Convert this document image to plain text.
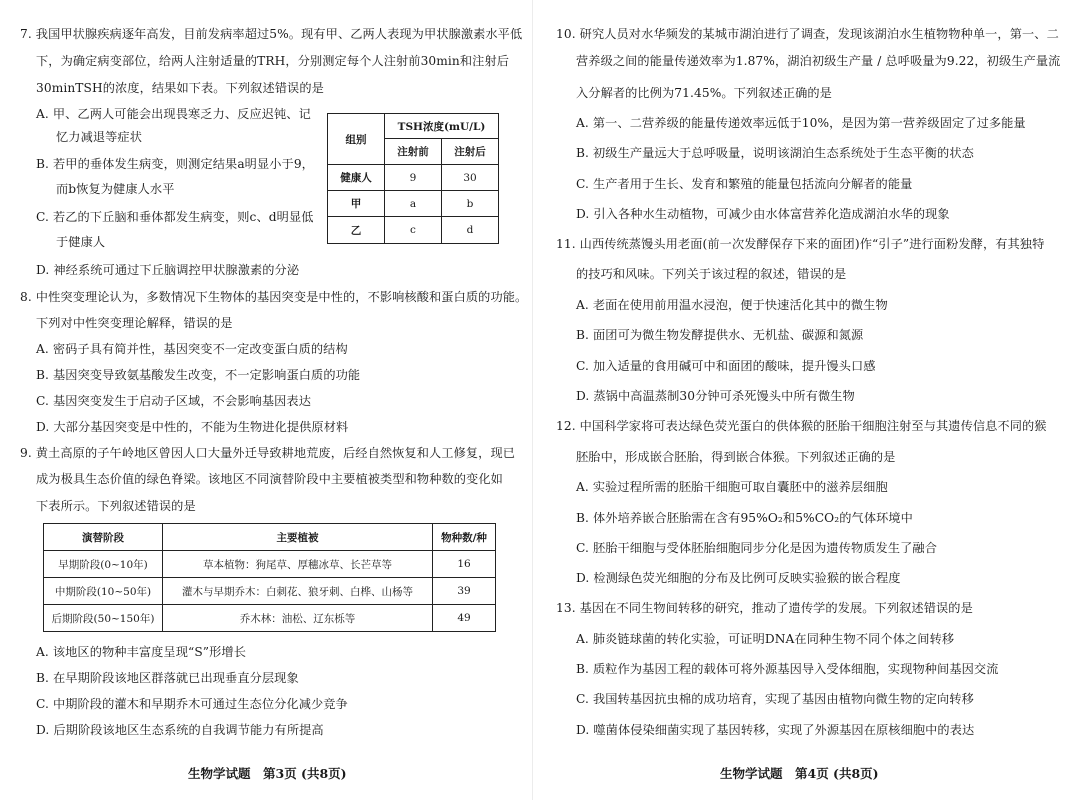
7. 我国甲状腺疾病逐年高发，目前发病率超过5%。现有甲、乙两人表现为甲状腺激素水平低
下，为确定病变部位，给两人注射适量的TRH，分别测定每个人注射前30min和注射后
30minTSH的浓度，结果如下表。下列叙述错误的是
A. 甲、乙两人可能会出现畏寒乏力、反应迟钝、记
忆力减退等症状
B. 若甲的垂体发生病变，则测定结果a明显小于9，
而b恢复为健康人水平
C. 若乙的下丘脑和垂体都发生病变，则c、d明显低
于健康人
D. 神经系统可通过下丘脑调控甲状腺激素的分泌
组别	TSH浓度(mU/L)	
	注射前	注射后
健康人	9	30
甲	a	b
乙	c	d
8. 中性突变理论认为，多数情况下生物体的基因突变是中性的，不影响核酸和蛋白质的功能。
下列对中性突变理论解释，错误的是
A. 密码子具有简并性，基因突变不一定改变蛋白质的结构
B. 基因突变导致氨基酸发生改变，不一定影响蛋白质的功能
C. 基因突变发生于启动子区域，不会影响基因表达
D. 大部分基因突变是中性的，不能为生物进化提供原材料
9. 黄土高原的子午岭地区曾因人口大量外迁导致耕地荒废，后经自然恢复和人工修复，现已
成为极具生态价值的绿色脊梁。该地区不同演替阶段中主要植被类型和物种数的变化如
下表所示。下列叙述错误的是
演替阶段	主要植被	物种数/种
早期阶段(0~10年)	草本植物：狗尾草、厚穗冰草、长芒草等	16
中期阶段(10~50年)	灌木与早期乔木：白刺花、狼牙刺、白桦、山杨等	39
后期阶段(50~150年)	乔木林：油松、辽东栎等	49
A. 该地区的物种丰富度呈现“S”形增长
B. 在早期阶段该地区群落就已出现垂直分层现象
C. 中期阶段的灌木和早期乔木可通过生态位分化减少竞争
D. 后期阶段该地区生态系统的自我调节能力有所提高
生物学试题　第3页 (共8页)
10. 研究人员对水华频发的某城市湖泊进行了调查，发现该湖泊水生植物物种单一，第一、二
营养级之间的能量传递效率为1.87%，湖泊初级生产量 / 总呼吸量为9.22，初级生产量流
入分解者的比例为71.45%。下列叙述正确的是
A. 第一、二营养级的能量传递效率远低于10%，是因为第一营养级固定了过多能量
B. 初级生产量远大于总呼吸量，说明该湖泊生态系统处于生态平衡的状态
C. 生产者用于生长、发育和繁殖的能量包括流向分解者的能量
D. 引入各种水生动植物，可减少由水体富营养化造成湖泊水华的现象
11. 山西传统蒸馒头用老面(前一次发酵保存下来的面团)作“引子”进行面粉发酵，有其独特
的技巧和风味。下列关于该过程的叙述，错误的是
A. 老面在使用前用温水浸泡，便于快速活化其中的微生物
B. 面团可为微生物发酵提供水、无机盐、碳源和氮源
C. 加入适量的食用碱可中和面团的酸味，提升馒头口感
D. 蒸锅中高温蒸制30分钟可杀死馒头中所有微生物
12. 中国科学家将可表达绿色荧光蛋白的供体猴的胚胎干细胞注射至与其遗传信息不同的猴
胚胎中，形成嵌合胚胎，得到嵌合体猴。下列叙述正确的是
A. 实验过程所需的胚胎干细胞可取自囊胚中的滋养层细胞
B. 体外培养嵌合胚胎需在含有95%O₂和5%CO₂的气体环境中
C. 胚胎干细胞与受体胚胎细胞同步分化是因为遗传物质发生了融合
D. 检测绿色荧光细胞的分布及比例可反映实验猴的嵌合程度
13. 基因在不同生物间转移的研究，推动了遗传学的发展。下列叙述错误的是
A. 肺炎链球菌的转化实验，可证明DNA在同种生物不同个体之间转移
B. 质粒作为基因工程的载体可将外源基因导入受体细胞，实现物种间基因交流
C. 我国转基因抗虫棉的成功培育，实现了基因由植物向微生物的定向转移
D. 噬菌体侵染细菌实现了基因转移，实现了外源基因在原核细胞中的表达
生物学试题　第4页 (共8页)
